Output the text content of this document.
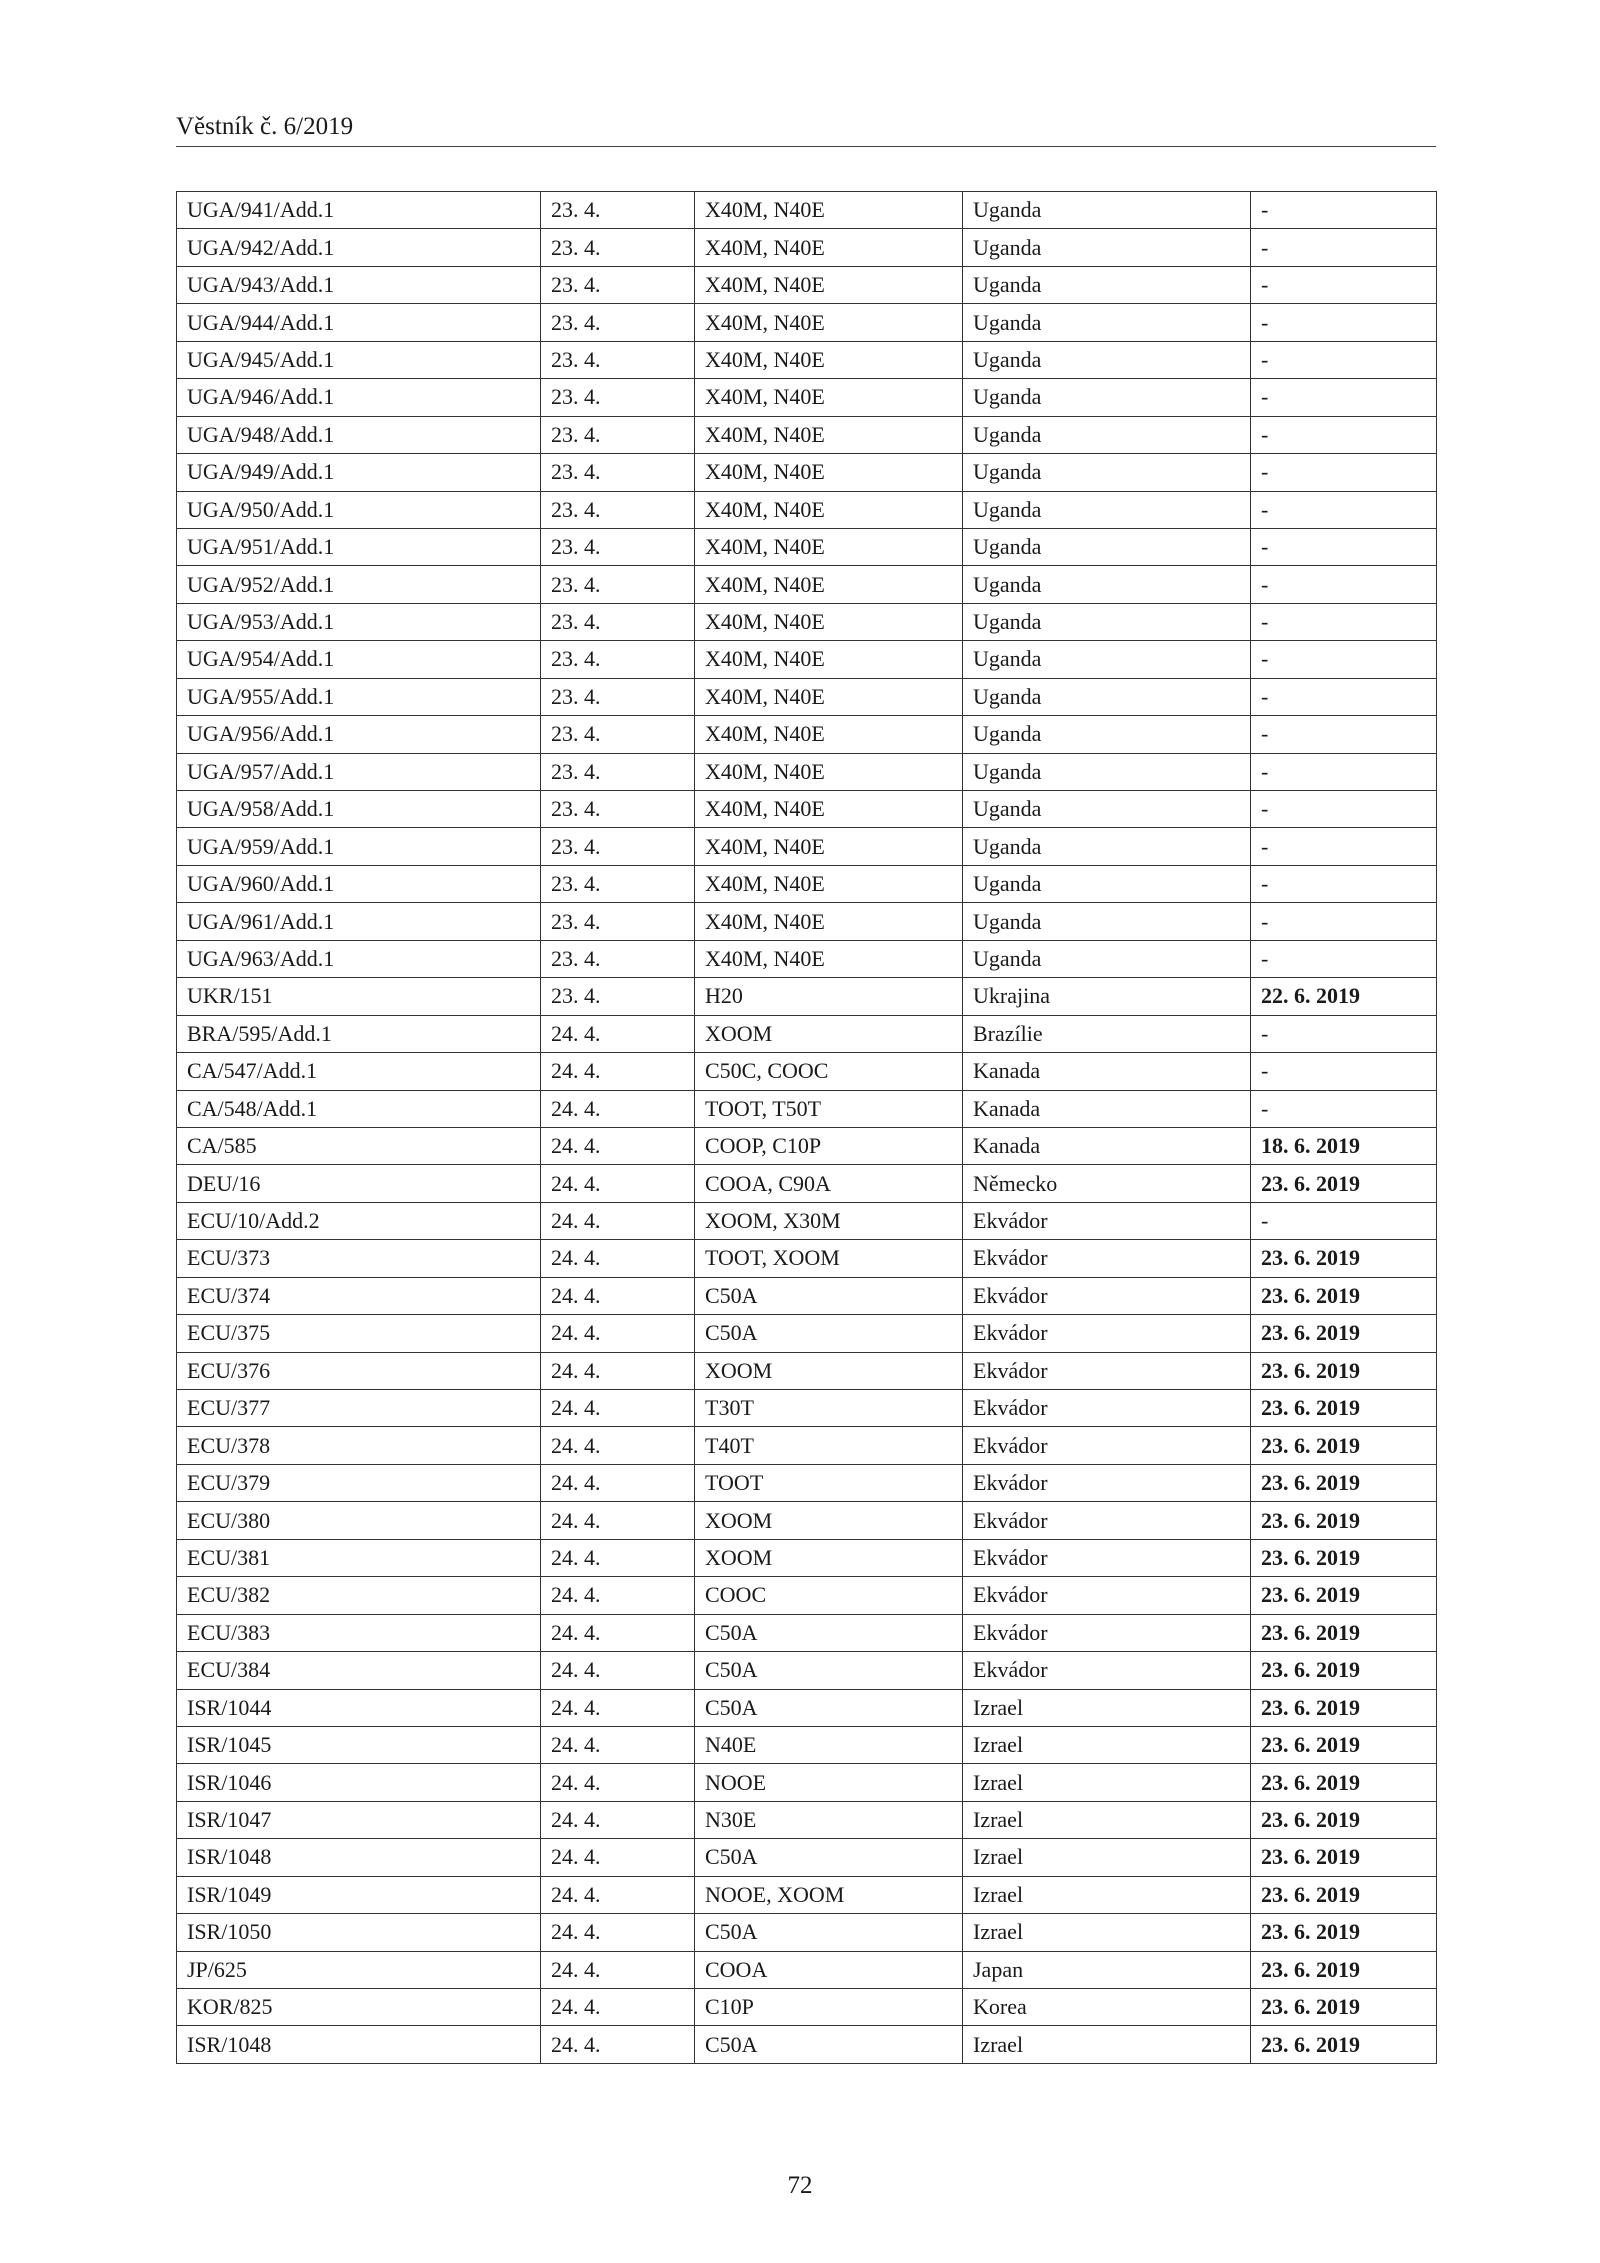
Věstník č. 6/2019
UGA/941/Add.1	23. 4.	X40M, N40E	Uganda	-
UGA/942/Add.1	23. 4.	X40M, N40E	Uganda	-
UGA/943/Add.1	23. 4.	X40M, N40E	Uganda	-
UGA/944/Add.1	23. 4.	X40M, N40E	Uganda	-
UGA/945/Add.1	23. 4.	X40M, N40E	Uganda	-
UGA/946/Add.1	23. 4.	X40M, N40E	Uganda	-
UGA/948/Add.1	23. 4.	X40M, N40E	Uganda	-
UGA/949/Add.1	23. 4.	X40M, N40E	Uganda	-
UGA/950/Add.1	23. 4.	X40M, N40E	Uganda	-
UGA/951/Add.1	23. 4.	X40M, N40E	Uganda	-
UGA/952/Add.1	23. 4.	X40M, N40E	Uganda	-
UGA/953/Add.1	23. 4.	X40M, N40E	Uganda	-
UGA/954/Add.1	23. 4.	X40M, N40E	Uganda	-
UGA/955/Add.1	23. 4.	X40M, N40E	Uganda	-
UGA/956/Add.1	23. 4.	X40M, N40E	Uganda	-
UGA/957/Add.1	23. 4.	X40M, N40E	Uganda	-
UGA/958/Add.1	23. 4.	X40M, N40E	Uganda	-
UGA/959/Add.1	23. 4.	X40M, N40E	Uganda	-
UGA/960/Add.1	23. 4.	X40M, N40E	Uganda	-
UGA/961/Add.1	23. 4.	X40M, N40E	Uganda	-
UGA/963/Add.1	23. 4.	X40M, N40E	Uganda	-
UKR/151	23. 4.	H20	Ukrajina	22. 6. 2019
BRA/595/Add.1	24. 4.	XOOM	Brazílie	-
CA/547/Add.1	24. 4.	C50C, COOC	Kanada	-
CA/548/Add.1	24. 4.	TOOT, T50T	Kanada	-
CA/585	24. 4.	COOP, C10P	Kanada	18. 6. 2019
DEU/16	24. 4.	COOA, C90A	Německo	23. 6. 2019
ECU/10/Add.2	24. 4.	XOOM, X30M	Ekvádor	-
ECU/373	24. 4.	TOOT, XOOM	Ekvádor	23. 6. 2019
ECU/374	24. 4.	C50A	Ekvádor	23. 6. 2019
ECU/375	24. 4.	C50A	Ekvádor	23. 6. 2019
ECU/376	24. 4.	XOOM	Ekvádor	23. 6. 2019
ECU/377	24. 4.	T30T	Ekvádor	23. 6. 2019
ECU/378	24. 4.	T40T	Ekvádor	23. 6. 2019
ECU/379	24. 4.	TOOT	Ekvádor	23. 6. 2019
ECU/380	24. 4.	XOOM	Ekvádor	23. 6. 2019
ECU/381	24. 4.	XOOM	Ekvádor	23. 6. 2019
ECU/382	24. 4.	COOC	Ekvádor	23. 6. 2019
ECU/383	24. 4.	C50A	Ekvádor	23. 6. 2019
ECU/384	24. 4.	C50A	Ekvádor	23. 6. 2019
ISR/1044	24. 4.	C50A	Izrael	23. 6. 2019
ISR/1045	24. 4.	N40E	Izrael	23. 6. 2019
ISR/1046	24. 4.	NOOE	Izrael	23. 6. 2019
ISR/1047	24. 4.	N30E	Izrael	23. 6. 2019
ISR/1048	24. 4.	C50A	Izrael	23. 6. 2019
ISR/1049	24. 4.	NOOE, XOOM	Izrael	23. 6. 2019
ISR/1050	24. 4.	C50A	Izrael	23. 6. 2019
JP/625	24. 4.	COOA	Japan	23. 6. 2019
KOR/825	24. 4.	C10P	Korea	23. 6. 2019
ISR/1048	24. 4.	C50A	Izrael	23. 6. 2019
72
